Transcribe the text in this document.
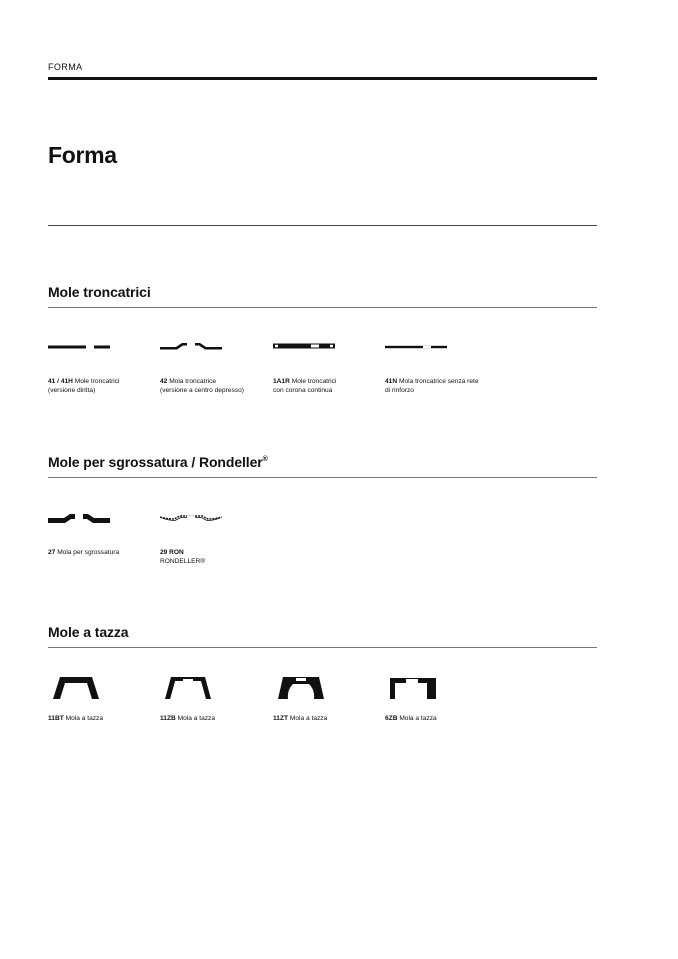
FORMA
Forma
Mole troncatrici
41 / 41H Mole troncatrici
(versione diritta)
42 Mola troncatrice
(versione a centro depresso)
1A1R Mole troncatrici
con corona continua
41N Mola troncatrice senza rete
di rinforzo
Mole per sgrossatura / Rondeller®
27 Mola per sgrossatura	29 RON
RONDELLER®
Mole a tazza
11BT Mola a tazza	11ZB Mola a tazza	11ZT Mola a tazza	6ZB Mola a tazza
